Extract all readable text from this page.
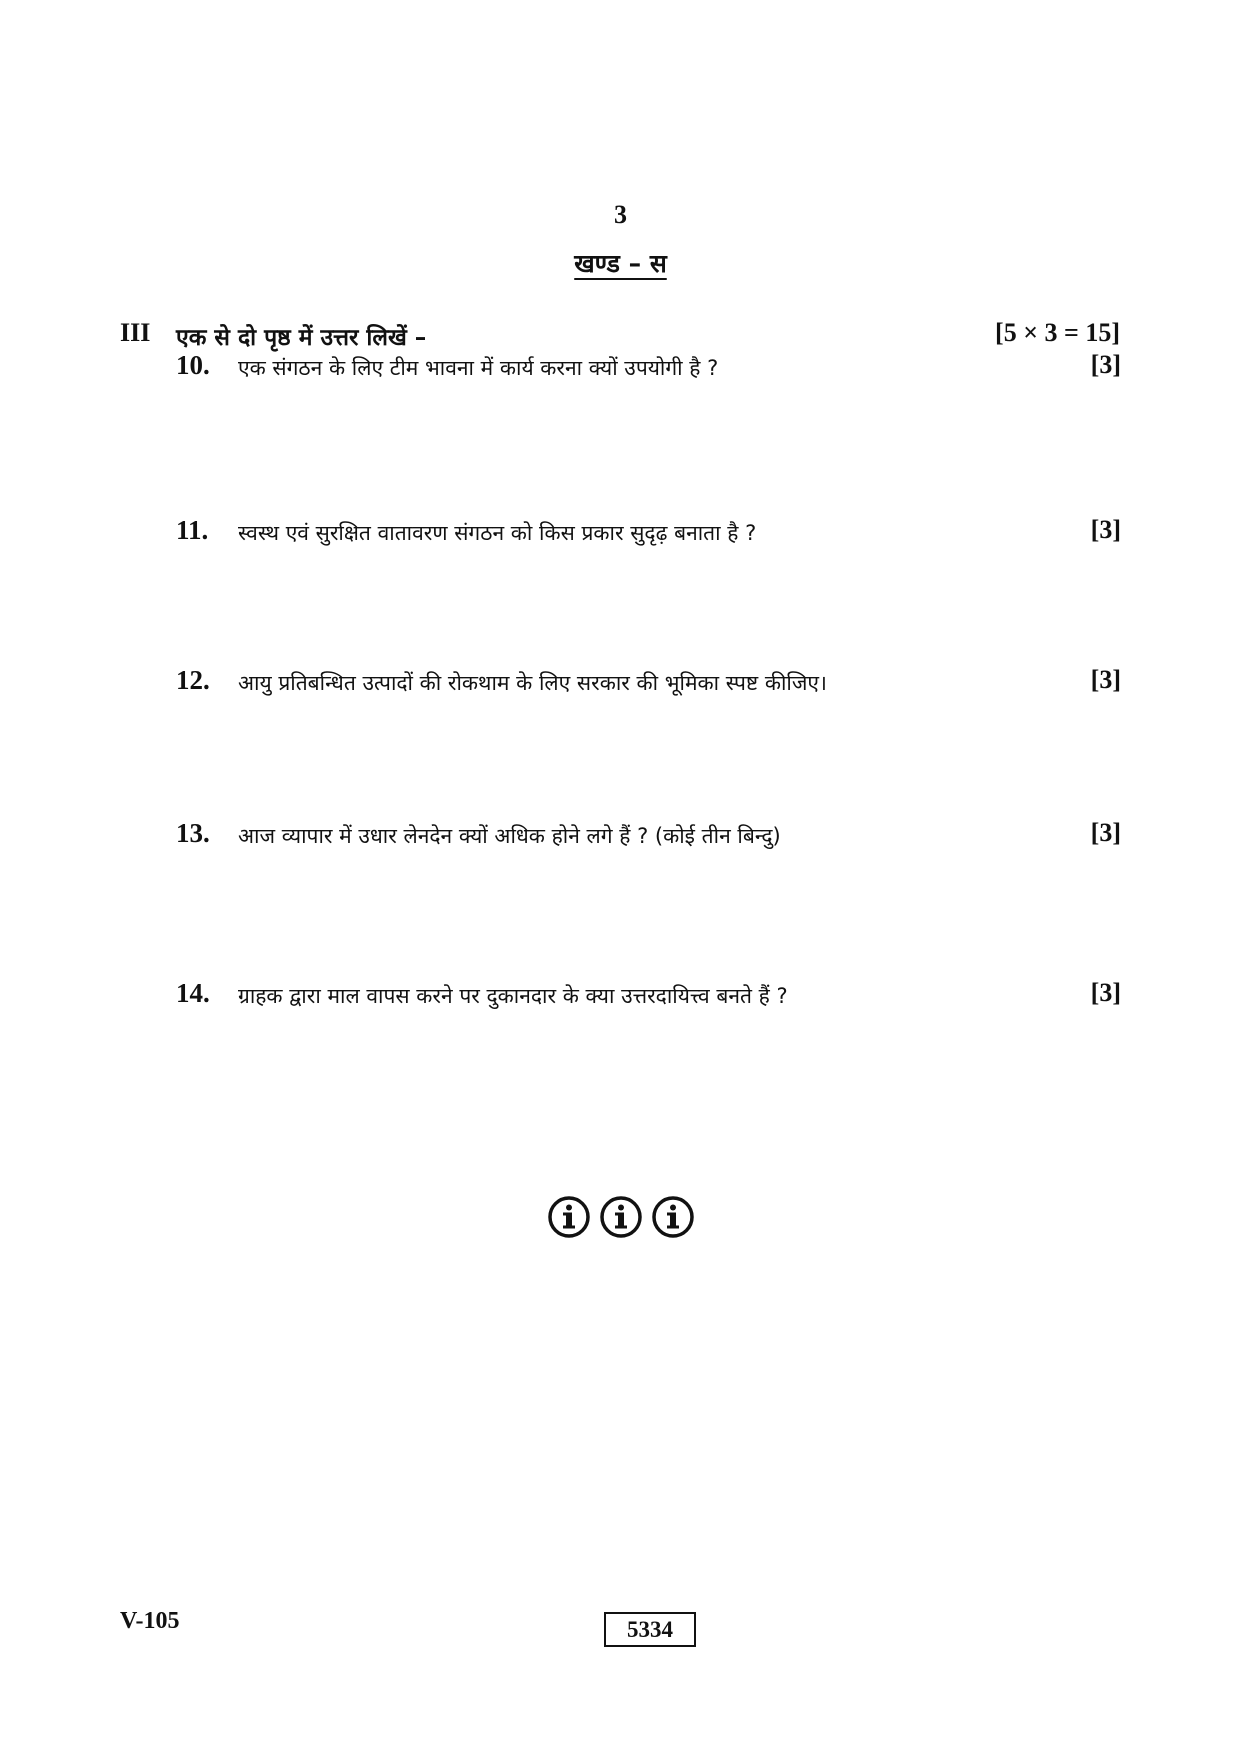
3
खण्ड – स
III एक से दो पृष्ठ में उत्तर लिखें –	[5 × 3 = 15]
10. एक संगठन के लिए टीम भावना में कार्य करना क्यों उपयोगी है ?	[3]
11. स्वस्थ एवं सुरक्षित वातावरण संगठन को किस प्रकार सुदृढ़ बनाता है ?	[3]
12. आयु प्रतिबन्धित उत्पादों की रोकथाम के लिए सरकार की भूमिका स्पष्ट कीजिए।	[3]
13. आज व्यापार में उधार लेनदेन क्यों अधिक होने लगे हैं ? (कोई तीन बिन्दु)	[3]
14. ग्राहक द्वारा माल वापस करने पर दुकानदार के क्या उत्तरदायित्त्व बनते हैं ?	[3]

V-105	5334
